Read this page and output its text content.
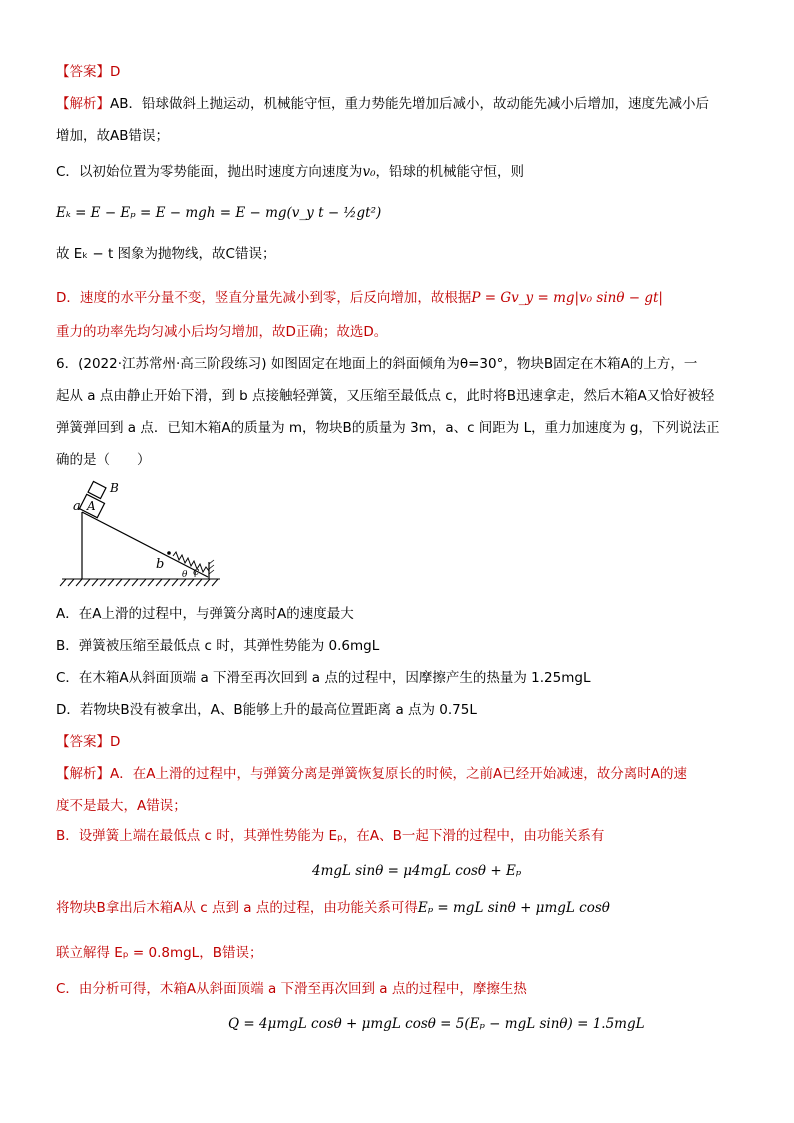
【答案】D
【解析】AB．铅球做斜上抛运动，机械能守恒，重力势能先增加后减小，故动能先减小后增加，速度先减小后
增加，故AB错误；
C．以初始位置为零势能面，抛出时速度方向速度为v₀，铅球的机械能守恒，则
Eₖ = E − Eₚ = E − mgh = E − mg(v_y t − ½gt²)
故 Eₖ − t 图象为抛物线，故C错误；
D．速度的水平分量不变，竖直分量先减小到零，后反向增加，故根据P = Gv_y = mg|v₀ sinθ − gt|
重力的功率先均匀减小后均匀增加，故D正确；故选D。
6．(2022·江苏常州·高三阶段练习) 如图固定在地面上的斜面倾角为θ=30°，物块B固定在木箱A的上方，一
起从 a 点由静止开始下滑，到 b 点接触轻弹簧，又压缩至最低点 c，此时将B迅速拿走，然后木箱A又恰好被轻
弹簧弹回到 a 点．已知木箱A的质量为 m，物块B的质量为 3m，a、c 间距为 L，重力加速度为 g，下列说法正
确的是（　　）
a A
B
b	c
θ
A．在A上滑的过程中，与弹簧分离时A的速度最大
B．弹簧被压缩至最低点 c 时，其弹性势能为 0.6mgL
C．在木箱A从斜面顶端 a 下滑至再次回到 a 点的过程中，因摩擦产生的热量为 1.25mgL
D．若物块B没有被拿出，A、B能够上升的最高位置距离 a 点为 0.75L
【答案】D
【解析】A．在A上滑的过程中，与弹簧分离是弹簧恢复原长的时候，之前A已经开始减速，故分离时A的速
度不是最大，A错误；
B．设弹簧上端在最低点 c 时，其弹性势能为 Eₚ，在A、B一起下滑的过程中，由功能关系有
4mgL sinθ = μ4mgL cosθ + Eₚ
将物块B拿出后木箱A从 c 点到 a 点的过程，由功能关系可得Eₚ = mgL sinθ + μmgL cosθ
联立解得 Eₚ = 0.8mgL，B错误；
C．由分析可得，木箱A从斜面顶端 a 下滑至再次回到 a 点的过程中，摩擦生热
Q = 4μmgL cosθ + μmgL cosθ = 5(Eₚ − mgL sinθ) = 1.5mgL
